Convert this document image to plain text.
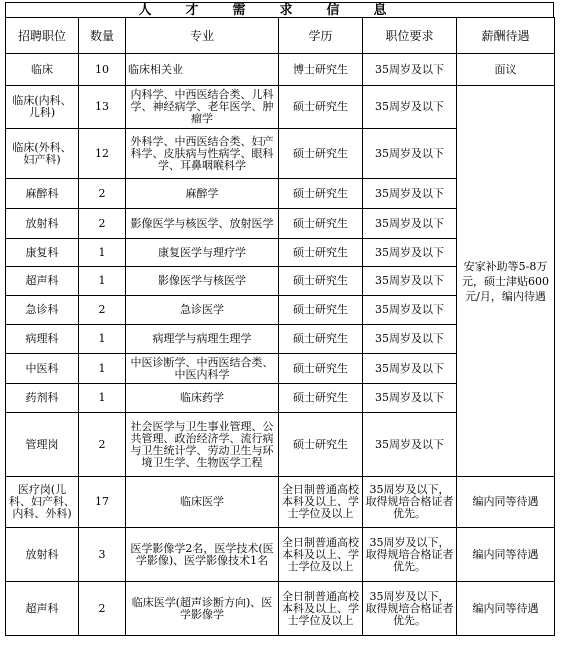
人才需求信息
招聘职位	数量	专业	学历	职位要求	薪酬待遇
临床	10	临床相关业	博士研究生	35周岁及以下	面议
临床(内科、儿科)	13	内科学、中西医结合类、儿科学、神经病学、老年医学、肿瘤学	硕士研究生	35周岁及以下	安家补助等5-8万元，硕士津贴600元/月，编内待遇
临床(外科、妇产科)	12	外科学、中西医结合类、妇产科学、皮肤病与性病学、眼科学、耳鼻咽喉科学	硕士研究生	35周岁及以下	
麻醉科	2	麻醉学	硕士研究生	35周岁及以下	
放射科	2	影像医学与核医学、放射医学	硕士研究生	35周岁及以下	
康复科	1	康复医学与理疗学	硕士研究生	35周岁及以下	
超声科	1	影像医学与核医学	硕士研究生	35周岁及以下	
急诊科	2	急诊医学	硕士研究生	35周岁及以下	
病理科	1	病理学与病理生理学	硕士研究生	35周岁及以下	
中医科	1	中医诊断学、中西医结合类、中医内科学	硕士研究生	35周岁及以下	
药剂科	1	临床药学	硕士研究生	35周岁及以下	
管理岗	2	社会医学与卫生事业管理、公共管理、政治经济学、流行病与卫生统计学、劳动卫生与环境卫生学、生物医学工程	硕士研究生	35周岁及以下	
医疗岗(儿科、妇产科、内科、外科)	17	临床医学	全日制普通高校本科及以上、学士学位及以上	35周岁及以下，取得规培合格证者优先。	编内同等待遇
放射科	3	医学影像学2名，医学技术(医学影像)、医学影像技术1名	全日制普通高校本科及以上、学士学位及以上	35周岁及以下，取得规培合格证者优先。	编内同等待遇
超声科	2	临床医学(超声诊断方向)、医学影像学	全日制普通高校本科及以上、学士学位及以上	35周岁及以下，取得规培合格证者优先。	编内同等待遇
